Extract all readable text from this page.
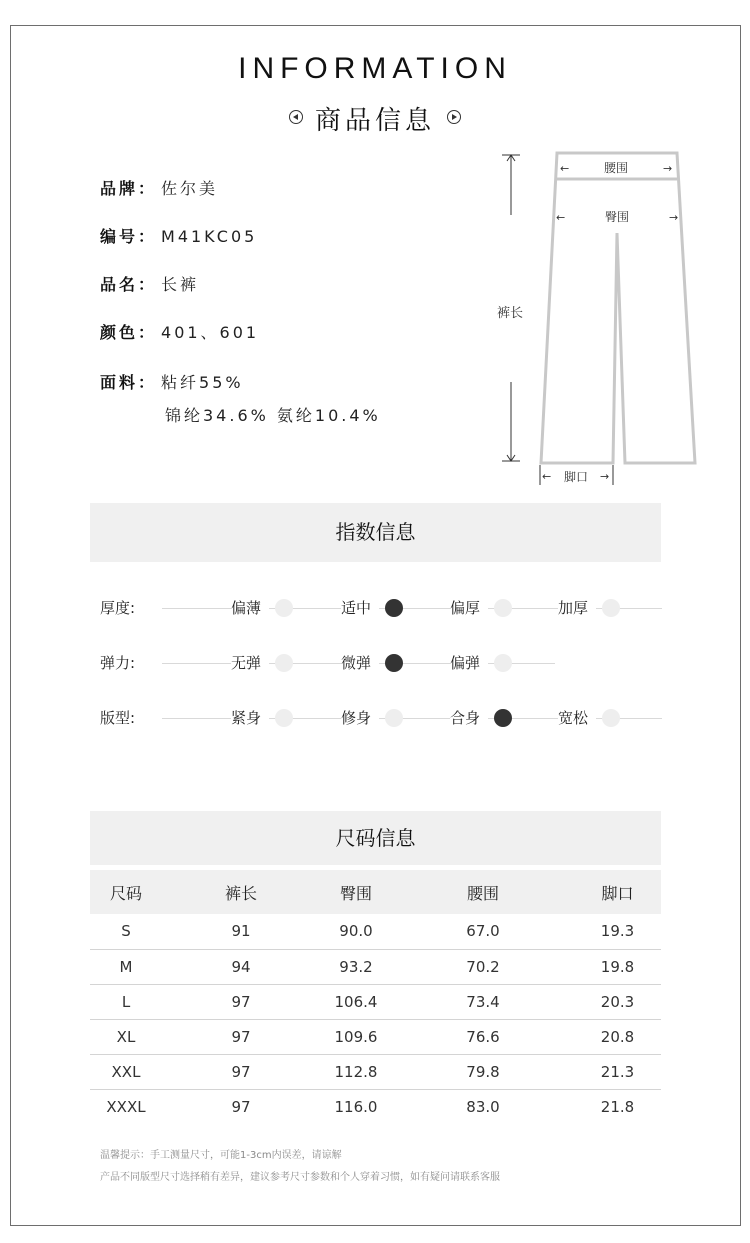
INFORMATION
商品信息
品牌： 佐尔美
编号： M41KC05
品名： 长裤
颜色： 401、601
面料： 粘纤55%
锦纶34.6% 氨纶10.4%
裤长
←	腰围	→
←	臀围	→
← 脚口 →
指数信息
厚度:	偏薄	适中	偏厚	加厚
弹力:	无弹	微弹	偏弹
版型:	紧身	修身	合身	宽松
尺码信息
尺码	裤长	臀围	腰围	脚口
S	91	90.0	67.0	19.3
M	94	93.2	70.2	19.8
L	97	106.4	73.4	20.3
XL	97	109.6	76.6	20.8
XXL	97	112.8	79.8	21.3
XXXL	97	116.0	83.0	21.8
温馨提示：手工测量尺寸，可能1-3cm内误差，请谅解
产品不同版型尺寸选择稍有差异，建议参考尺寸参数和个人穿着习惯，如有疑问请联系客服
